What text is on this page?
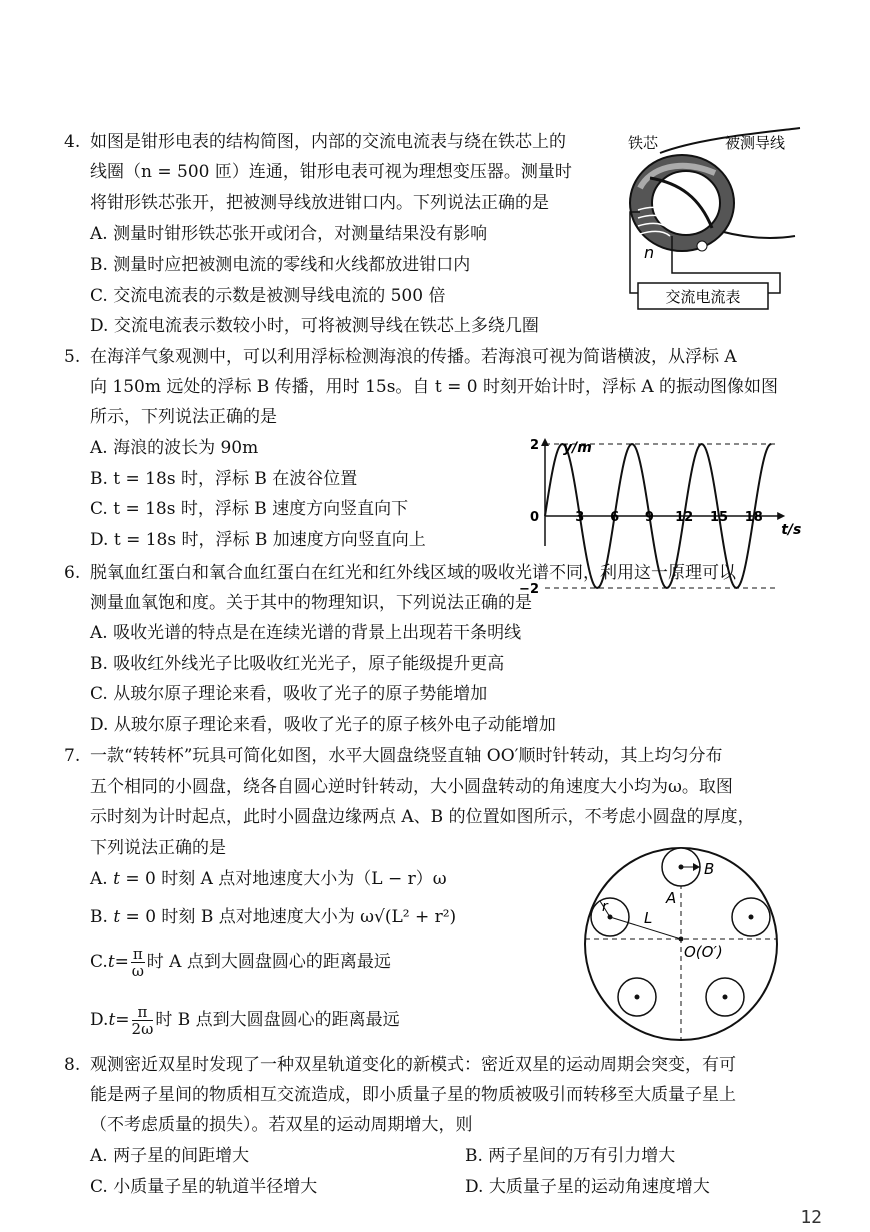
4. 如图是钳形电表的结构简图，内部的交流电流表与绕在铁芯上的
线圈（n = 500 匝）连通，钳形电表可视为理想变压器。测量时
将钳形铁芯张开，把被测导线放进钳口内。下列说法正确的是
A. 测量时钳形铁芯张开或闭合，对测量结果没有影响
B. 测量时应把被测电流的零线和火线都放进钳口内
C. 交流电流表的示数是被测导线电流的 500 倍
D. 交流电流表示数较小时，可将被测导线在铁芯上多绕几圈
交流电流表
铁芯	被测导线
n
5. 在海洋气象观测中，可以利用浮标检测海浪的传播。若海浪可视为简谐横波，从浮标 A
向 150m 远处的浮标 B 传播，用时 15s。自 t = 0 时刻开始计时，浮标 A 的振动图像如图
所示，下列说法正确的是
A. 海浪的波长为 90m
B. t = 18s 时，浮标 B 在波谷位置
C. t = 18s 时，浮标 B 速度方向竖直向下
D. t = 18s 时，浮标 B 加速度方向竖直向上
3 6 9 12 15 18
2
0
−2
y/m
t/s
6. 脱氧血红蛋白和氧合血红蛋白在红光和红外线区域的吸收光谱不同，利用这一原理可以
测量血氧饱和度。关于其中的物理知识，下列说法正确的是
A. 吸收光谱的特点是在连续光谱的背景上出现若干条明线
B. 吸收红外线光子比吸收红光光子，原子能级提升更高
C. 从玻尔原子理论来看，吸收了光子的原子势能增加
D. 从玻尔原子理论来看，吸收了光子的原子核外电子动能增加
7. 一款“转转杯”玩具可简化如图，水平大圆盘绕竖直轴 OO′顺时针转动，其上均匀分布
五个相同的小圆盘，绕各自圆心逆时针转动，大小圆盘转动的角速度大小均为ω。取图
示时刻为计时起点，此时小圆盘边缘两点 A、B 的位置如图所示，不考虑小圆盘的厚度，
下列说法正确的是
A. t = 0 时刻 A 点对地速度大小为（L − r）ω
B. t = 0 时刻 B 点对地速度大小为 ω√(L² + r²)
C. $t = \frac{\pi}{\omega}$ 时 A 点到大圆盘圆心的距离最远
D. $t = \frac{\pi}{2\omega}$ 时 B 点到大圆盘圆心的距离最远
B
A
r
L
O(O′)
8. 观测密近双星时发现了一种双星轨道变化的新模式：密近双星的运动周期会突变，有可
能是两子星间的物质相互交流造成，即小质量子星的物质被吸引而转移至大质量子星上
（不考虑质量的损失）。若双星的运动周期增大，则
A. 两子星的间距增大	B. 两子星间的万有引力增大
C. 小质量子星的轨道半径增大	D. 大质量子星的运动角速度增大
12
